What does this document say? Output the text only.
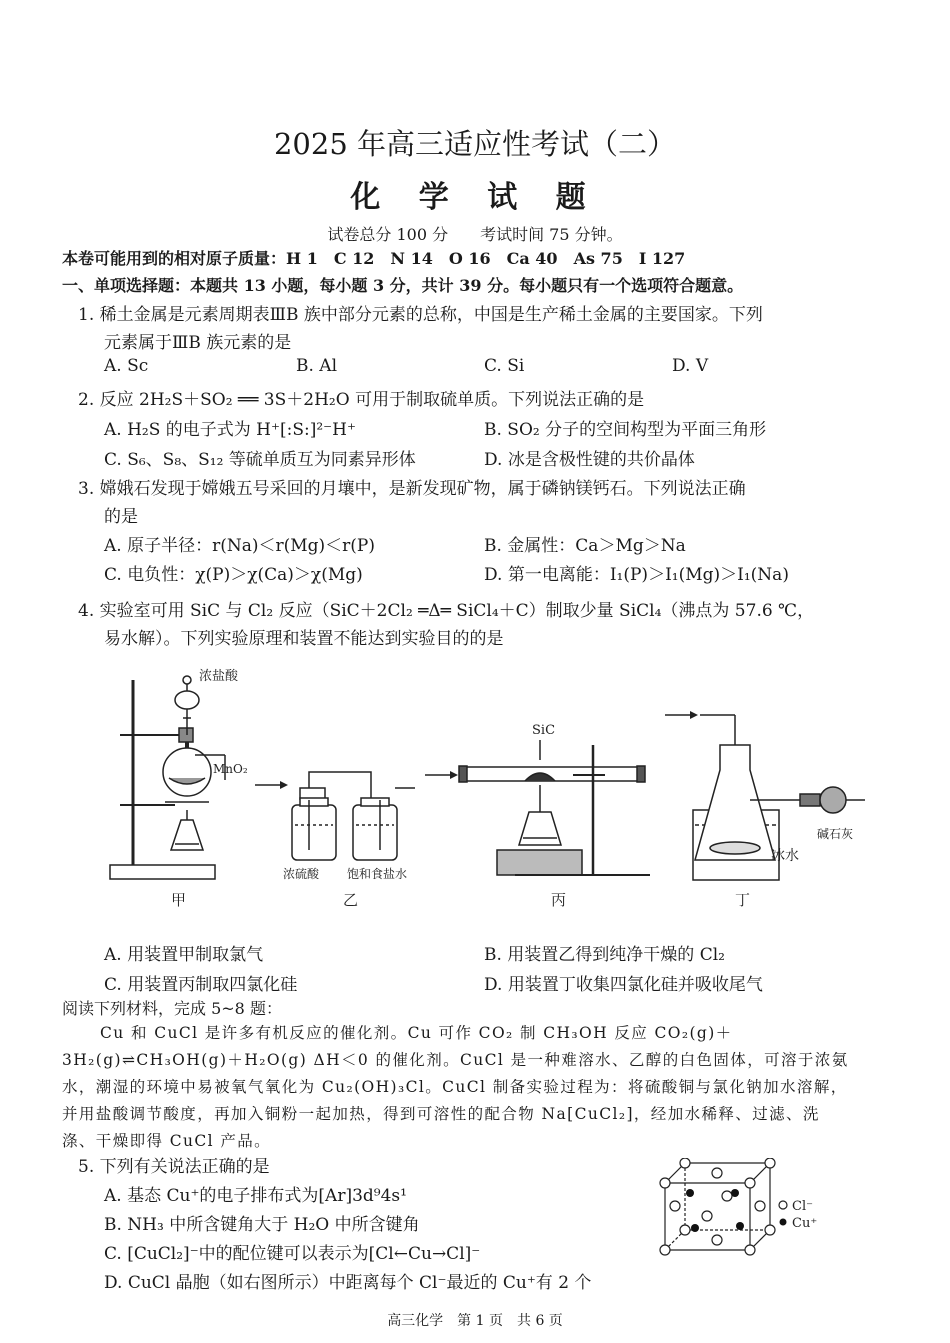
2025 年高三适应性考试（二）
化 学 试 题
试卷总分 100 分　　考试时间 75 分钟。
本卷可能用到的相对原子质量：H 1　C 12　N 14　O 16　Ca 40　As 75　I 127
一、单项选择题：本题共 13 小题，每小题 3 分，共计 39 分。每小题只有一个选项符合题意。
1. 稀土金属是元素周期表ⅢB 族中部分元素的总称，中国是生产稀土金属的主要国家。下列
元素属于ⅢB 族元素的是
A. Sc	B. Al	C. Si	D. V
2. 反应 2H₂S＋SO₂ ══ 3S＋2H₂O 可用于制取硫单质。下列说法正确的是
A. H₂S 的电子式为 H⁺[:S:]²⁻H⁺	B. SO₂ 分子的空间构型为平面三角形
C. S₆、S₈、S₁₂ 等硫单质互为同素异形体	D. 冰是含极性键的共价晶体
3. 嫦娥石发现于嫦娥五号采回的月壤中，是新发现矿物，属于磷钠镁钙石。下列说法正确
的是
A. 原子半径：r(Na)＜r(Mg)＜r(P)	B. 金属性：Ca＞Mg＞Na
C. 电负性：χ(P)＞χ(Ca)＞χ(Mg)	D. 第一电离能：I₁(P)＞I₁(Mg)＞I₁(Na)
4. 实验室可用 SiC 与 Cl₂ 反应（SiC＋2Cl₂ ═Δ═ SiCl₄＋C）制取少量 SiCl₄（沸点为 57.6 ℃，
易水解）。下列实验原理和装置不能达到实验目的的是
浓盐酸
MnO₂
甲
浓硫酸 饱和食盐水
乙
SiC
丙
碱石灰
冰水
丁
A. 用装置甲制取氯气	B. 用装置乙得到纯净干燥的 Cl₂
C. 用装置丙制取四氯化硅	D. 用装置丁收集四氯化硅并吸收尾气
阅读下列材料，完成 5~8 题：
Cu 和 CuCl 是许多有机反应的催化剂。Cu 可作 CO₂ 制 CH₃OH 反应 CO₂(g)＋3H₂(g)⇌CH₃OH(g)＋H₂O(g) ΔH＜0 的催化剂。CuCl 是一种难溶水、乙醇的白色固体，可溶于浓氨水，潮湿的环境中易被氧气氧化为 Cu₂(OH)₃Cl。CuCl 制备实验过程为：将硫酸铜与氯化钠加水溶解，并用盐酸调节酸度，再加入铜粉一起加热，得到可溶性的配合物 Na[CuCl₂]，经加水稀释、过滤、洗涤、干燥即得 CuCl 产品。
5. 下列有关说法正确的是
A. 基态 Cu⁺的电子排布式为[Ar]3d⁹4s¹
B. NH₃ 中所含键角大于 H₂O 中所含键角
C. [CuCl₂]⁻中的配位键可以表示为[Cl←Cu→Cl]⁻
D. CuCl 晶胞（如右图所示）中距离每个 Cl⁻最近的 Cu⁺有 2 个
Cl⁻
Cu⁺
高三化学　第 1 页　共 6 页
